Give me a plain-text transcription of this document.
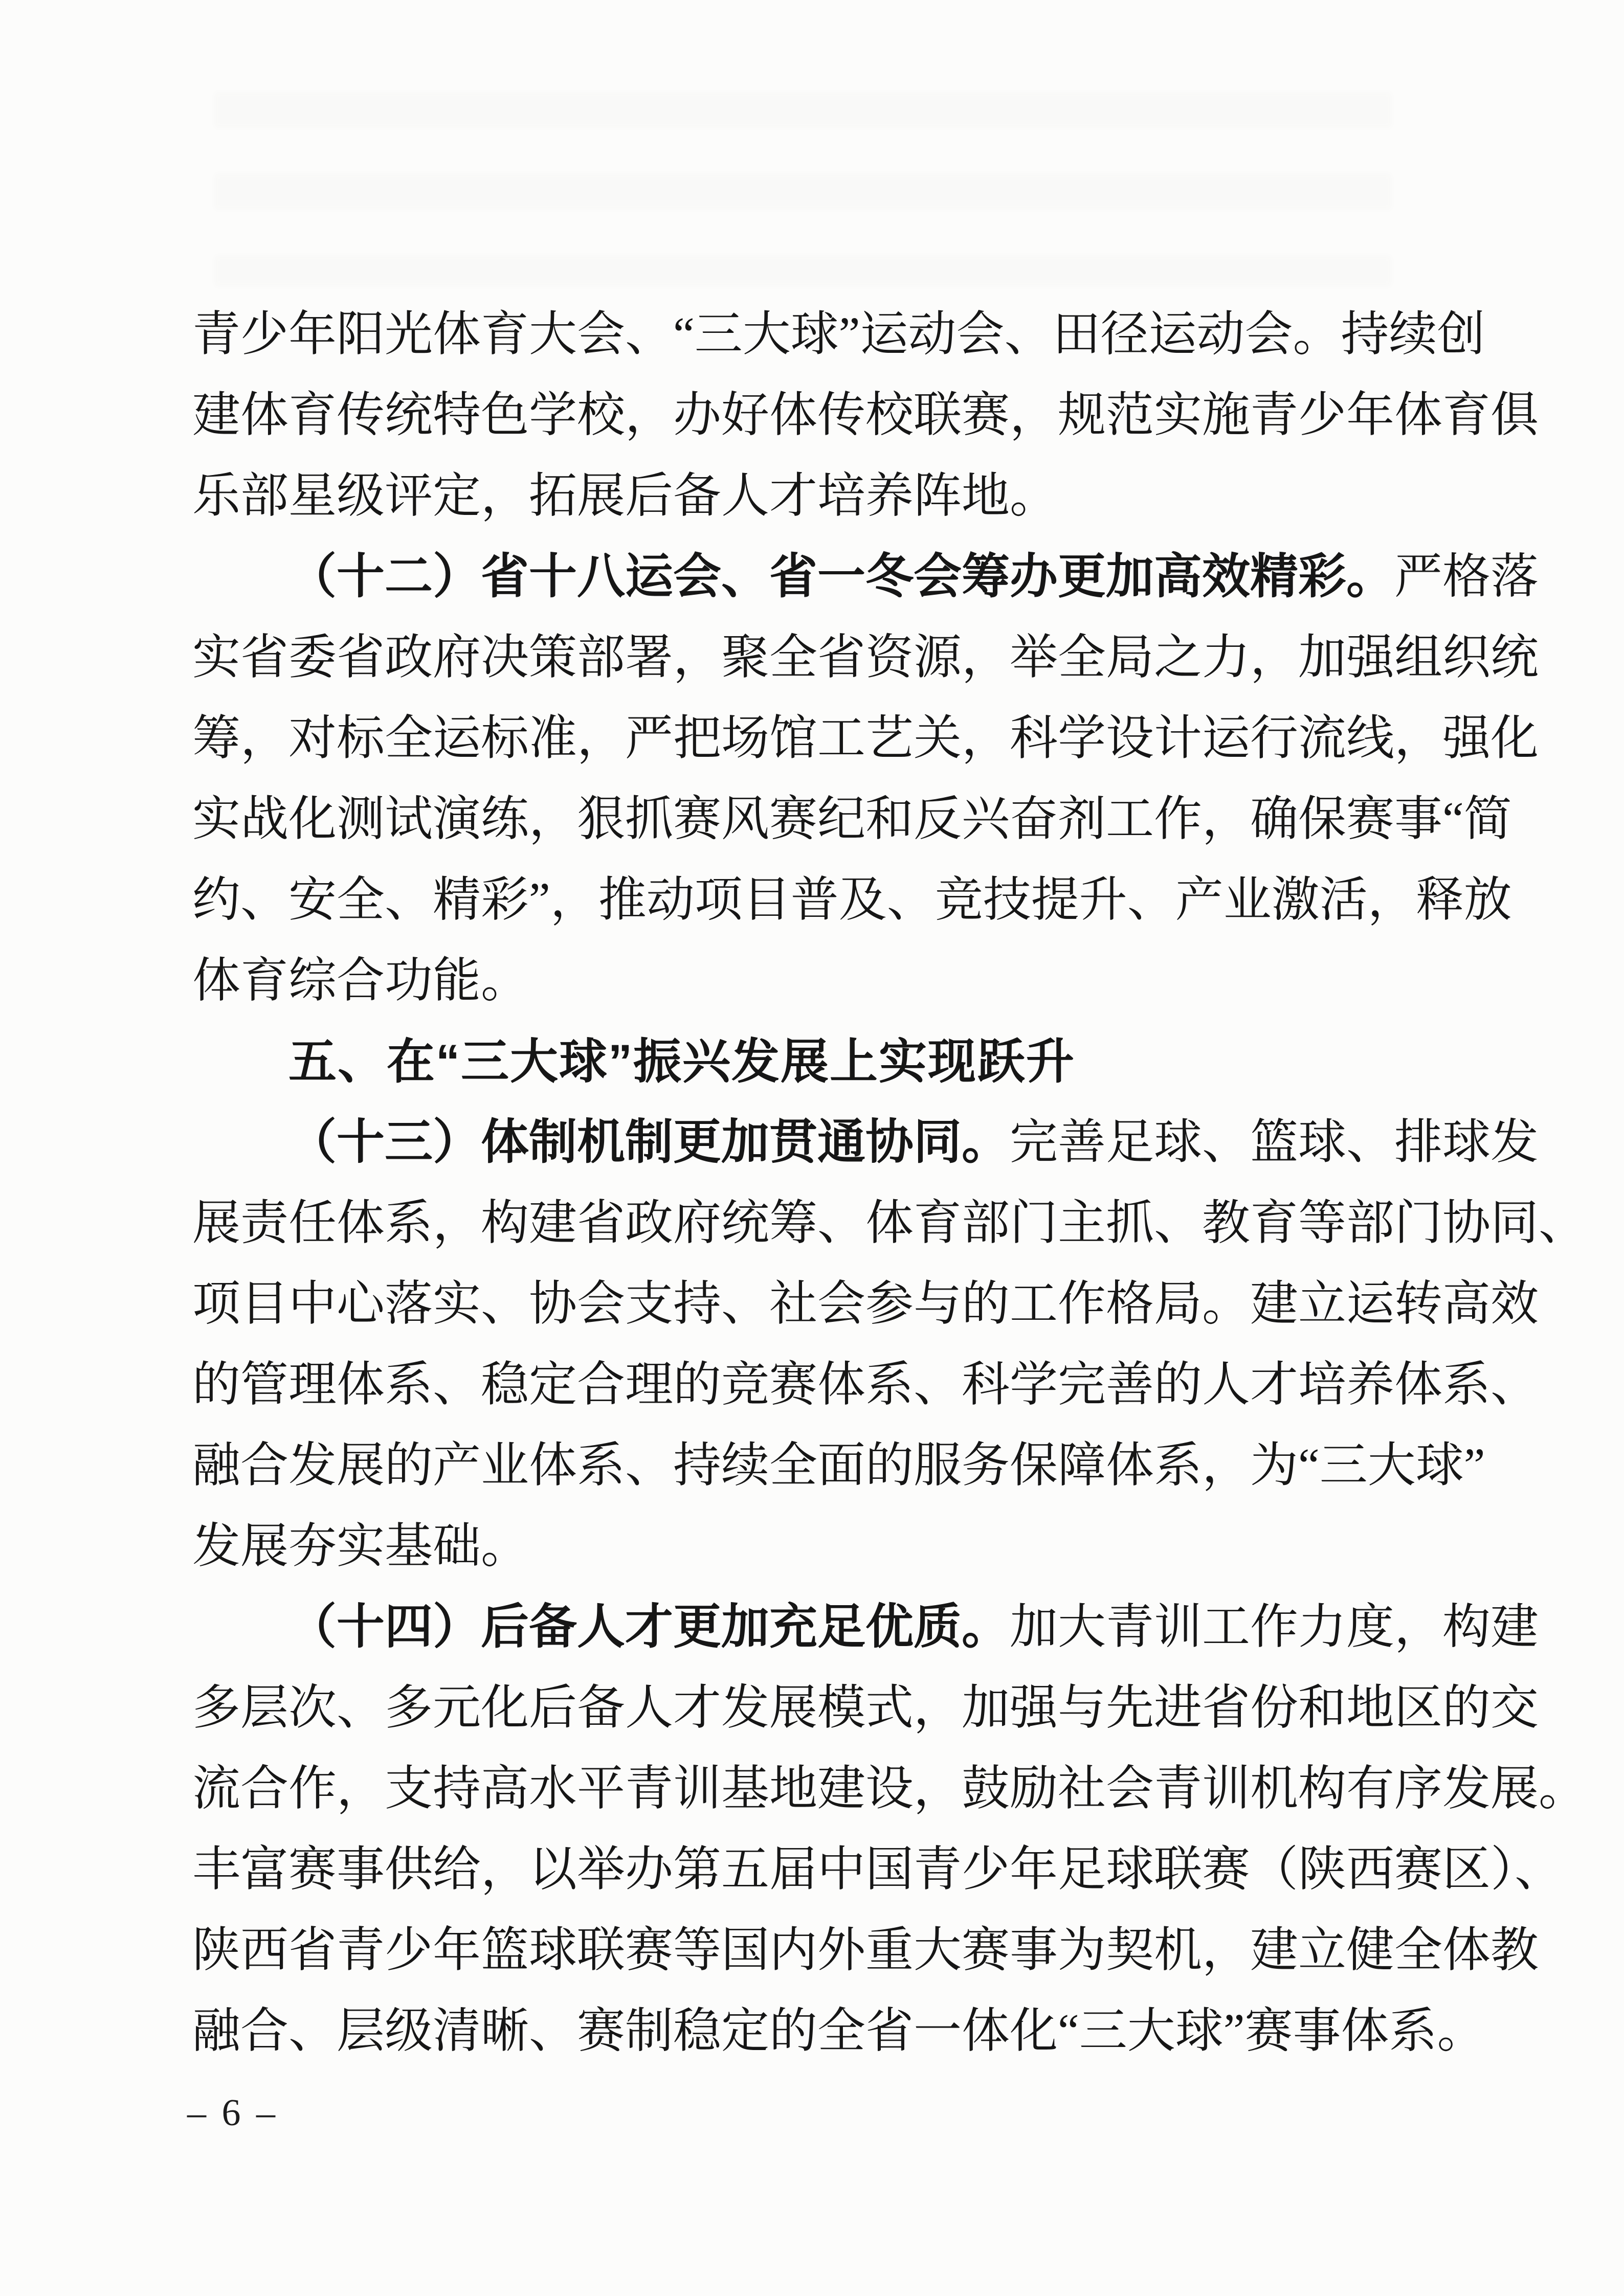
青少年阳光体育大会、“三大球”运动会、田径运动会。持续创
建体育传统特色学校，办好体传校联赛，规范实施青少年体育俱
乐部星级评定，拓展后备人才培养阵地。
（十二）省十八运会、省一冬会筹办更加高效精彩。严格落
实省委省政府决策部署，聚全省资源，举全局之力，加强组织统
筹，对标全运标准，严把场馆工艺关，科学设计运行流线，强化
实战化测试演练，狠抓赛风赛纪和反兴奋剂工作，确保赛事“简
约、安全、精彩”，推动项目普及、竞技提升、产业激活，释放
体育综合功能。
五、在“三大球”振兴发展上实现跃升
（十三）体制机制更加贯通协同。完善足球、篮球、排球发
展责任体系，构建省政府统筹、体育部门主抓、教育等部门协同、
项目中心落实、协会支持、社会参与的工作格局。建立运转高效
的管理体系、稳定合理的竞赛体系、科学完善的人才培养体系、
融合发展的产业体系、持续全面的服务保障体系，为“三大球”
发展夯实基础。
（十四）后备人才更加充足优质。加大青训工作力度，构建
多层次、多元化后备人才发展模式，加强与先进省份和地区的交
流合作，支持高水平青训基地建设，鼓励社会青训机构有序发展。
丰富赛事供给，以举办第五届中国青少年足球联赛（陕西赛区）、
陕西省青少年篮球联赛等国内外重大赛事为契机，建立健全体教
融合、层级清晰、赛制稳定的全省一体化“三大球”赛事体系。
– 6 –
